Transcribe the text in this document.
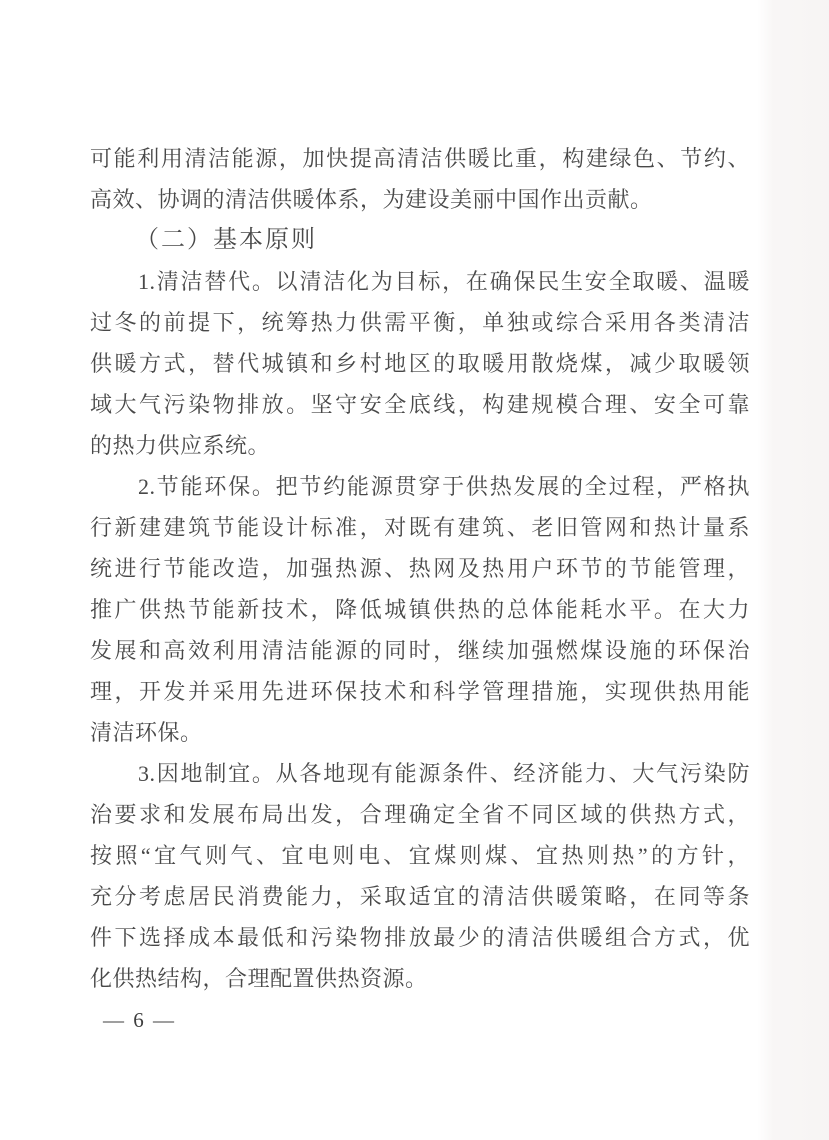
可能利用清洁能源，加快提高清洁供暖比重，构建绿色、节约、
高效、协调的清洁供暖体系，为建设美丽中国作出贡献。
（二）基本原则
1.清洁替代。以清洁化为目标，在确保民生安全取暖、温暖
过冬的前提下，统筹热力供需平衡，单独或综合采用各类清洁
供暖方式，替代城镇和乡村地区的取暖用散烧煤，减少取暖领
域大气污染物排放。坚守安全底线，构建规模合理、安全可靠
的热力供应系统。
2.节能环保。把节约能源贯穿于供热发展的全过程，严格执
行新建建筑节能设计标准，对既有建筑、老旧管网和热计量系
统进行节能改造，加强热源、热网及热用户环节的节能管理，
推广供热节能新技术，降低城镇供热的总体能耗水平。在大力
发展和高效利用清洁能源的同时，继续加强燃煤设施的环保治
理，开发并采用先进环保技术和科学管理措施，实现供热用能
清洁环保。
3.因地制宜。从各地现有能源条件、经济能力、大气污染防
治要求和发展布局出发，合理确定全省不同区域的供热方式，
按照“宜气则气、宜电则电、宜煤则煤、宜热则热”的方针，
充分考虑居民消费能力，采取适宜的清洁供暖策略，在同等条
件下选择成本最低和污染物排放最少的清洁供暖组合方式，优
化供热结构，合理配置供热资源。
— 6 —
